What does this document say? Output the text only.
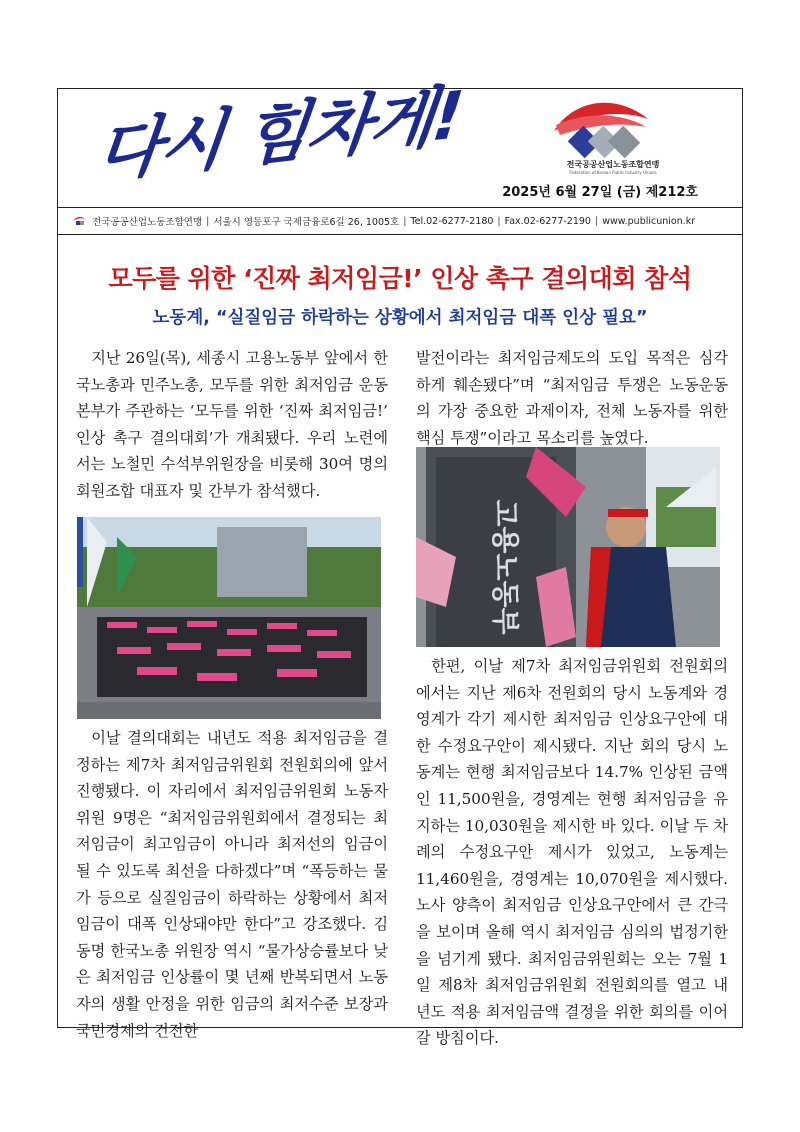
다시 힘차게!	전국공공산업노동조합연맹
Federation of Korean Public Industry Unions
2025년 6월 27일 (금) 제212호
전국공공산업노동조합연맹 | 서울시 영등포구 국제금융로6길 26, 1005호 | Tel.02-6277-2180 | Fax.02-6277-2190 | www.publicunion.kr
모두를 위한 ‘진짜 최저임금!’ 인상 촉구 결의대회 참석
노동계, “실질임금 하락하는 상황에서 최저임금 대폭 인상 필요”

지난 26일(목), 세종시 고용노동부 앞에서 한국노총과 민주노총, 모두를 위한 최저임금 운동본부가 주관하는 ‘모두를 위한 ‘진짜 최저임금!’ 인상 촉구 결의대회’가 개최됐다. 우리 노련에서는 노철민 수석부위원장을 비롯해 30여 명의 회원조합 대표자 및 간부가 참석했다.

이날 결의대회는 내년도 적용 최저임금을 결정하는 제7차 최저임금위원회 전원회의에 앞서 진행됐다. 이 자리에서 최저임금위원회 노동자위원 9명은 “최저임금위원회에서 결정되는 최저임금이 최고임금이 아니라 최저선의 임금이 될 수 있도록 최선을 다하겠다”며 “폭등하는 물가 등으로 실질임금이 하락하는 상황에서 최저임금이 대폭 인상돼야만 한다”고 강조했다. 김동명 한국노총 위원장 역시 “물가상승률보다 낮은 최저임금 인상률이 몇 년째 반복되면서 노동자의 생활 안정을 위한 임금의 최저수준 보장과 국민경제의 건전한

발전이라는 최저임금제도의 도입 목적은 심각하게 훼손됐다”며 “최저임금 투쟁은 노동운동의 가장 중요한 과제이자, 전체 노동자를 위한 핵심 투쟁”이라고 목소리를 높였다.

고용노동부

한편, 이날 제7차 최저임금위원회 전원회의에서는 지난 제6차 전원회의 당시 노동계와 경영계가 각기 제시한 최저임금 인상요구안에 대한 수정요구안이 제시됐다. 지난 회의 당시 노동계는 현행 최저임금보다 14.7% 인상된 금액인 11,500원을, 경영계는 현행 최저임금을 유지하는 10,030원을 제시한 바 있다. 이날 두 차례의 수정요구안 제시가 있었고, 노동계는 11,460원을, 경영계는 10,070원을 제시했다. 노사 양측이 최저임금 인상요구안에서 큰 간극을 보이며 올해 역시 최저임금 심의의 법정기한을 넘기게 됐다. 최저임금위원회는 오는 7월 1일 제8차 최저임금위원회 전원회의를 열고 내년도 적용 최저임금액 결정을 위한 회의를 이어갈 방침이다.
